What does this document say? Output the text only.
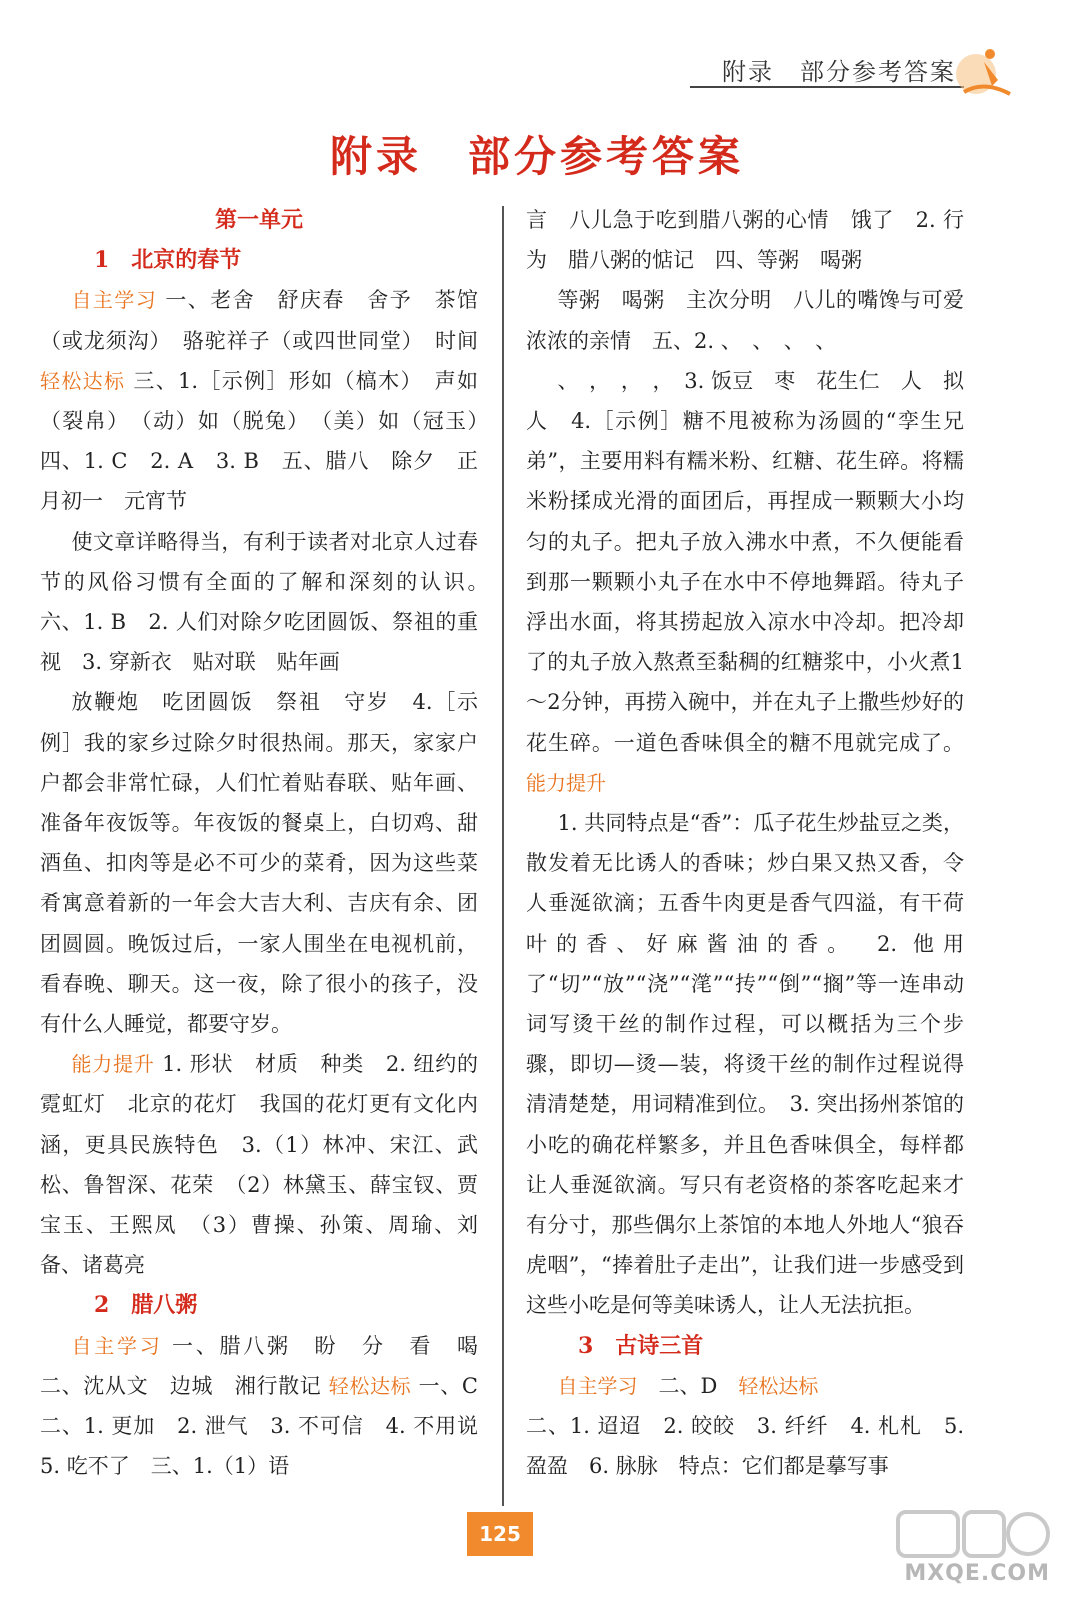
附录　部分参考答案
附录　部分参考答案

第一单元

1　北京的春节

自主学习 一、老舍　舒庆春　舍予　茶馆（或龙须沟）　骆驼祥子（或四世同堂）　时间 轻松达标 三、1.［示例］形如（槁木）　声如（裂帛）　（动）如（脱兔）　（美）如（冠玉）　四、1. C　2. A　3. B　五、腊八　除夕　正月初一　元宵节

使文章详略得当，有利于读者对北京人过春节的风俗习惯有全面的了解和深刻的认识。　六、1. B　2. 人们对除夕吃团圆饭、祭祖的重视　3. 穿新衣　贴对联　贴年画

放鞭炮　吃团圆饭　祭祖　守岁　4.［示例］我的家乡过除夕时很热闹。那天，家家户户都会非常忙碌，人们忙着贴春联、贴年画、准备年夜饭等。年夜饭的餐桌上，白切鸡、甜酒鱼、扣肉等是必不可少的菜肴，因为这些菜肴寓意着新的一年会大吉大利、吉庆有余、团团圆圆。晚饭过后，一家人围坐在电视机前，看春晚、聊天。这一夜，除了很小的孩子，没有什么人睡觉，都要守岁。

能力提升 1. 形状　材质　种类　2. 纽约的霓虹灯　北京的花灯　我国的花灯更有文化内涵，更具民族特色　3.（1）林冲、宋江、武松、鲁智深、花荣　（2）林黛玉、薛宝钗、贾宝玉、王熙凤　（3）曹操、孙策、周瑜、刘备、诸葛亮

2　腊八粥

自主学习 一、腊八粥　盼　分　看　喝　二、沈从文　边城　湘行散记 轻松达标 一、C　二、1. 更加　2. 泄气　3. 不可信　4. 不用说　5. 吃不了　三、1.（1）语

言　八儿急于吃到腊八粥的心情　饿了　2. 行为　腊八粥的惦记　四、等粥　喝粥

等粥　喝粥　主次分明　八儿的嘴馋与可爱　浓浓的亲情　五、2. 、　、　、　、

、　，　，　，　3. 饭豆　枣　花生仁　人　拟人　4.［示例］糖不甩被称为汤圆的“孪生兄弟”，主要用料有糯米粉、红糖、花生碎。将糯米粉揉成光滑的面团后，再捏成一颗颗大小均匀的丸子。把丸子放入沸水中煮，不久便能看到那一颗颗小丸子在水中不停地舞蹈。待丸子浮出水面，将其捞起放入凉水中冷却。把冷却了的丸子放入熬煮至黏稠的红糖浆中，小火煮1～2分钟，再捞入碗中，并在丸子上撒些炒好的花生碎。一道色香味俱全的糖不甩就完成了。 能力提升

1. 共同特点是“香”：瓜子花生炒盐豆之类，散发着无比诱人的香味；炒白果又热又香，令人垂涎欲滴；五香牛肉更是香气四溢，有干荷叶的香、好麻酱油的香。　2. 他用了“切”“放”“浇”“滗”“抟”“倒”“搁”等一连串动词写烫干丝的制作过程，可以概括为三个步骤，即切—烫—装，将烫干丝的制作过程说得清清楚楚，用词精准到位。　3. 突出扬州茶馆的小吃的确花样繁多，并且色香味俱全，每样都让人垂涎欲滴。写只有老资格的茶客吃起来才有分寸，那些偶尔上茶馆的本地人外地人“狼吞虎咽”，“捧着肚子走出”，让我们进一步感受到这些小吃是何等美味诱人，让人无法抗拒。

3　古诗三首

自主学习　二、D　轻松达标

二、1. 迢迢　2. 皎皎　3. 纤纤　4. 札札　5. 盈盈　6. 脉脉　特点：它们都是摹写事

125
MXQE.COM
